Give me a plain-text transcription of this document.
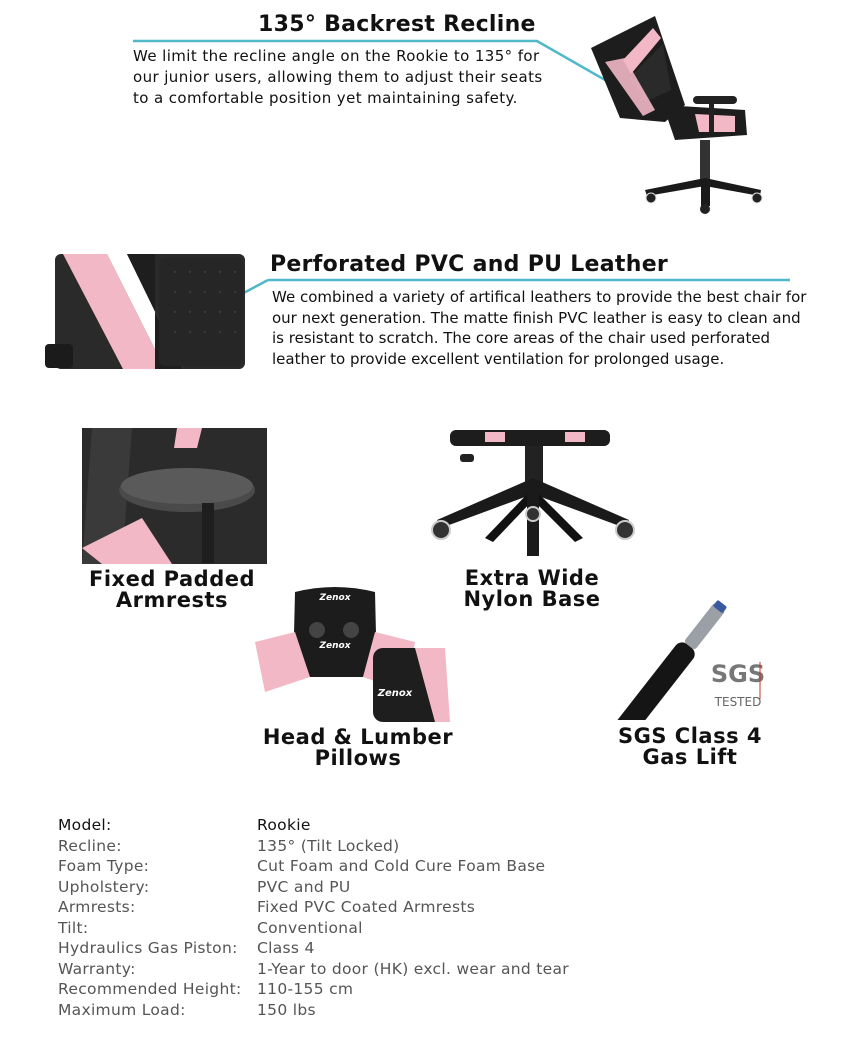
135° Backrest Recline
We limit the recline angle on the Rookie to 135° for our junior users, allowing them to adjust their seats to a comfortable position yet maintaining safety.
Perforated PVC and PU Leather
We combined a variety of artifical leathers to provide the best chair for our next generation. The matte finish PVC leather is easy to clean and is resistant to scratch. The core areas of the chair used perforated leather to provide excellent ventilation for prolonged usage.
Fixed Padded
Armrests
Extra Wide
Nylon Base
Zenox
Zenox
Zenox
Head & Lumber
Pillows
SGS
TESTED
SGS Class 4
Gas Lift
Model:	Rookie
Recline:	135° (Tilt Locked)
Foam Type:	Cut Foam and Cold Cure Foam Base
Upholstery:	PVC and PU
Armrests:	Fixed PVC Coated Armrests
Tilt:	Conventional
Hydraulics Gas Piston:	Class 4
Warranty:	1-Year to door (HK) excl. wear and tear
Recommended Height:	110-155 cm
Maximum Load:	150 lbs
